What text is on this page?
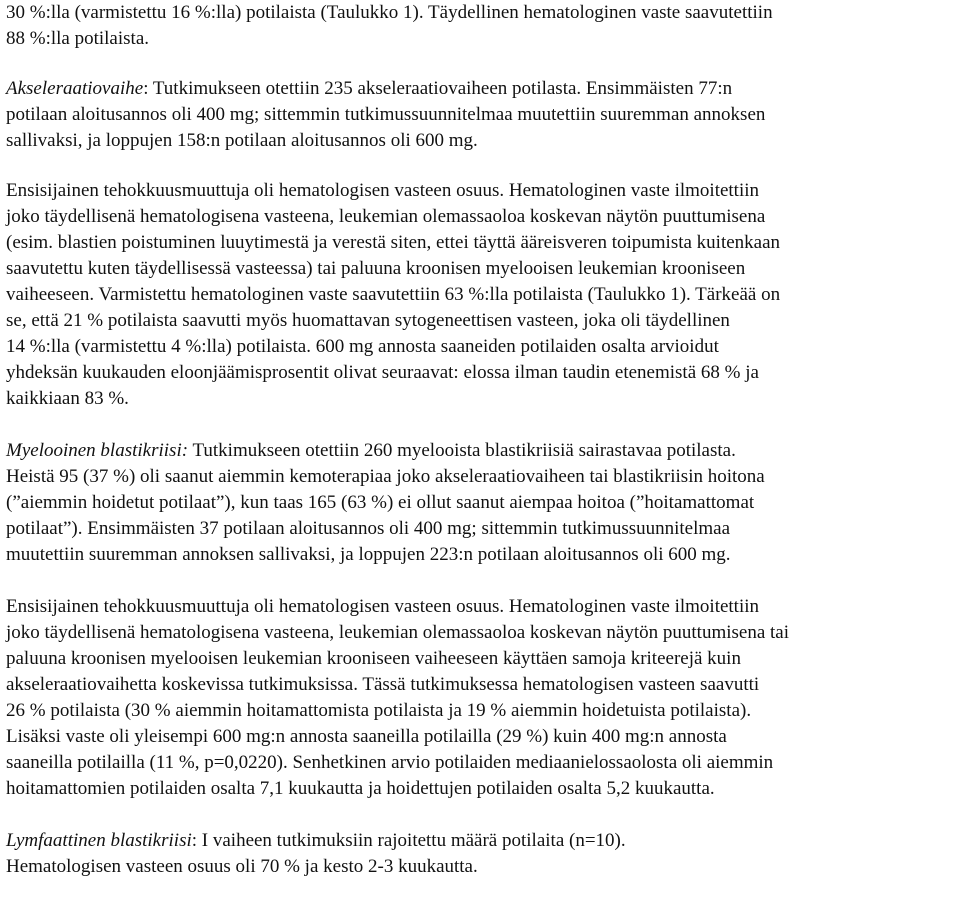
30 %:lla (varmistettu 16 %:lla) potilaista (Taulukko 1). Täydellinen hematologinen vaste saavutettiin
88 %:lla potilaista.

Akseleraatiovaihe: Tutkimukseen otettiin 235 akseleraatiovaiheen potilasta. Ensimmäisten 77:n
potilaan aloitusannos oli 400 mg; sittemmin tutkimussuunnitelmaa muutettiin suuremman annoksen
sallivaksi, ja loppujen 158:n potilaan aloitusannos oli 600 mg.

Ensisijainen tehokkuusmuuttuja oli hematologisen vasteen osuus. Hematologinen vaste ilmoitettiin
joko täydellisenä hematologisena vasteena, leukemian olemassaoloa koskevan näytön puuttumisena
(esim. blastien poistuminen luuytimestä ja verestä siten, ettei täyttä ääreisveren toipumista kuitenkaan
saavutettu kuten täydellisessä vasteessa) tai paluuna kroonisen myelooisen leukemian krooniseen
vaiheeseen. Varmistettu hematologinen vaste saavutettiin 63 %:lla potilaista (Taulukko 1). Tärkeää on
se, että 21 % potilaista saavutti myös huomattavan sytogeneettisen vasteen, joka oli täydellinen
14 %:lla (varmistettu 4 %:lla) potilaista. 600 mg annosta saaneiden potilaiden osalta arvioidut
yhdeksän kuukauden eloonjäämisprosentit olivat seuraavat: elossa ilman taudin etenemistä 68 % ja
kaikkiaan 83 %.

Myelooinen blastikriisi: Tutkimukseen otettiin 260 myelooista blastikriisiä sairastavaa potilasta.
Heistä 95 (37 %) oli saanut aiemmin kemoterapiaa joko akseleraatiovaiheen tai blastikriisin hoitona
(”aiemmin hoidetut potilaat”), kun taas 165 (63 %) ei ollut saanut aiempaa hoitoa (”hoitamattomat
potilaat”). Ensimmäisten 37 potilaan aloitusannos oli 400 mg; sittemmin tutkimussuunnitelmaa
muutettiin suuremman annoksen sallivaksi, ja loppujen 223:n potilaan aloitusannos oli 600 mg.

Ensisijainen tehokkuusmuuttuja oli hematologisen vasteen osuus. Hematologinen vaste ilmoitettiin
joko täydellisenä hematologisena vasteena, leukemian olemassaoloa koskevan näytön puuttumisena tai
paluuna kroonisen myelooisen leukemian krooniseen vaiheeseen käyttäen samoja kriteerejä kuin
akseleraatiovaihetta koskevissa tutkimuksissa. Tässä tutkimuksessa hematologisen vasteen saavutti
26 % potilaista (30 % aiemmin hoitamattomista potilaista ja 19 % aiemmin hoidetuista potilaista).
Lisäksi vaste oli yleisempi 600 mg:n annosta saaneilla potilailla (29 %) kuin 400 mg:n annosta
saaneilla potilailla (11 %, p=0,0220). Senhetkinen arvio potilaiden mediaanielossaolosta oli aiemmin
hoitamattomien potilaiden osalta 7,1 kuukautta ja hoidettujen potilaiden osalta 5,2 kuukautta.

Lymfaattinen blastikriisi: I vaiheen tutkimuksiin rajoitettu määrä potilaita (n=10).
Hematologisen vasteen osuus oli 70 % ja kesto 2-3 kuukautta.
